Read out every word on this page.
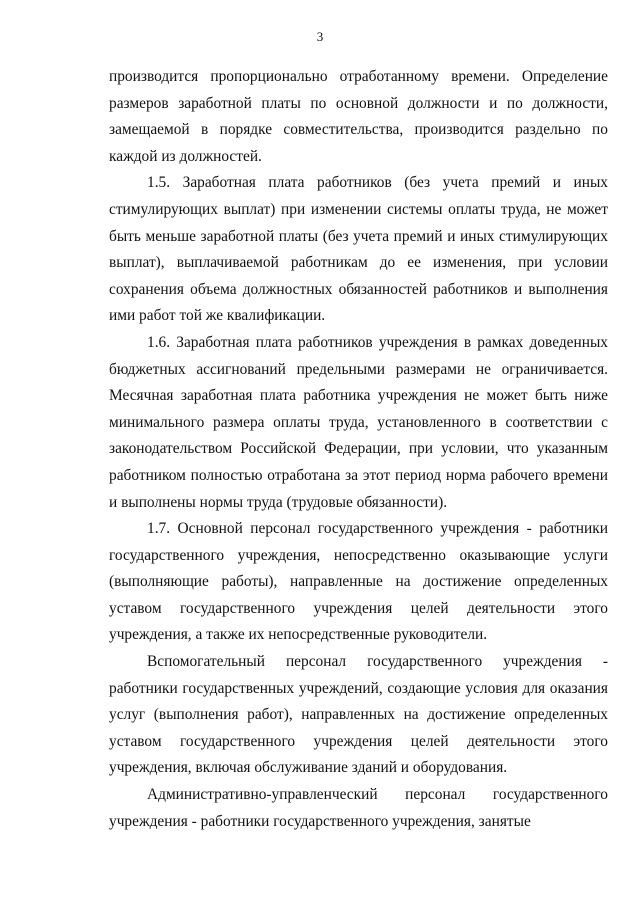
3

производится пропорционально отработанному времени. Определение размеров заработной платы по основной должности и по должности, замещаемой в порядке совместительства, производится раздельно по каждой из должностей.

1.5. Заработная плата работников (без учета премий и иных стимулирующих выплат) при изменении системы оплаты труда, не может быть меньше заработной платы (без учета премий и иных стимулирующих выплат), выплачиваемой работникам до ее изменения, при условии сохранения объема должностных обязанностей работников и выполнения ими работ той же квалификации.

1.6. Заработная плата работников учреждения в рамках доведенных бюджетных ассигнований предельными размерами не ограничивается. Месячная заработная плата работника учреждения не может быть ниже минимального размера оплаты труда, установленного в соответствии с законодательством Российской Федерации, при условии, что указанным работником полностью отработана за этот период норма рабочего времени и выполнены нормы труда (трудовые обязанности).

1.7. Основной персонал государственного учреждения - работники государственного учреждения, непосредственно оказывающие услуги (выполняющие работы), направленные на достижение определенных уставом государственного учреждения целей деятельности этого учреждения, а также их непосредственные руководители.

Вспомогательный персонал государственного учреждения - работники государственных учреждений, создающие условия для оказания услуг (выполнения работ), направленных на достижение определенных уставом государственного учреждения целей деятельности этого учреждения, включая обслуживание зданий и оборудования.

Административно-управленческий персонал государственного учреждения - работники государственного учреждения, занятые
